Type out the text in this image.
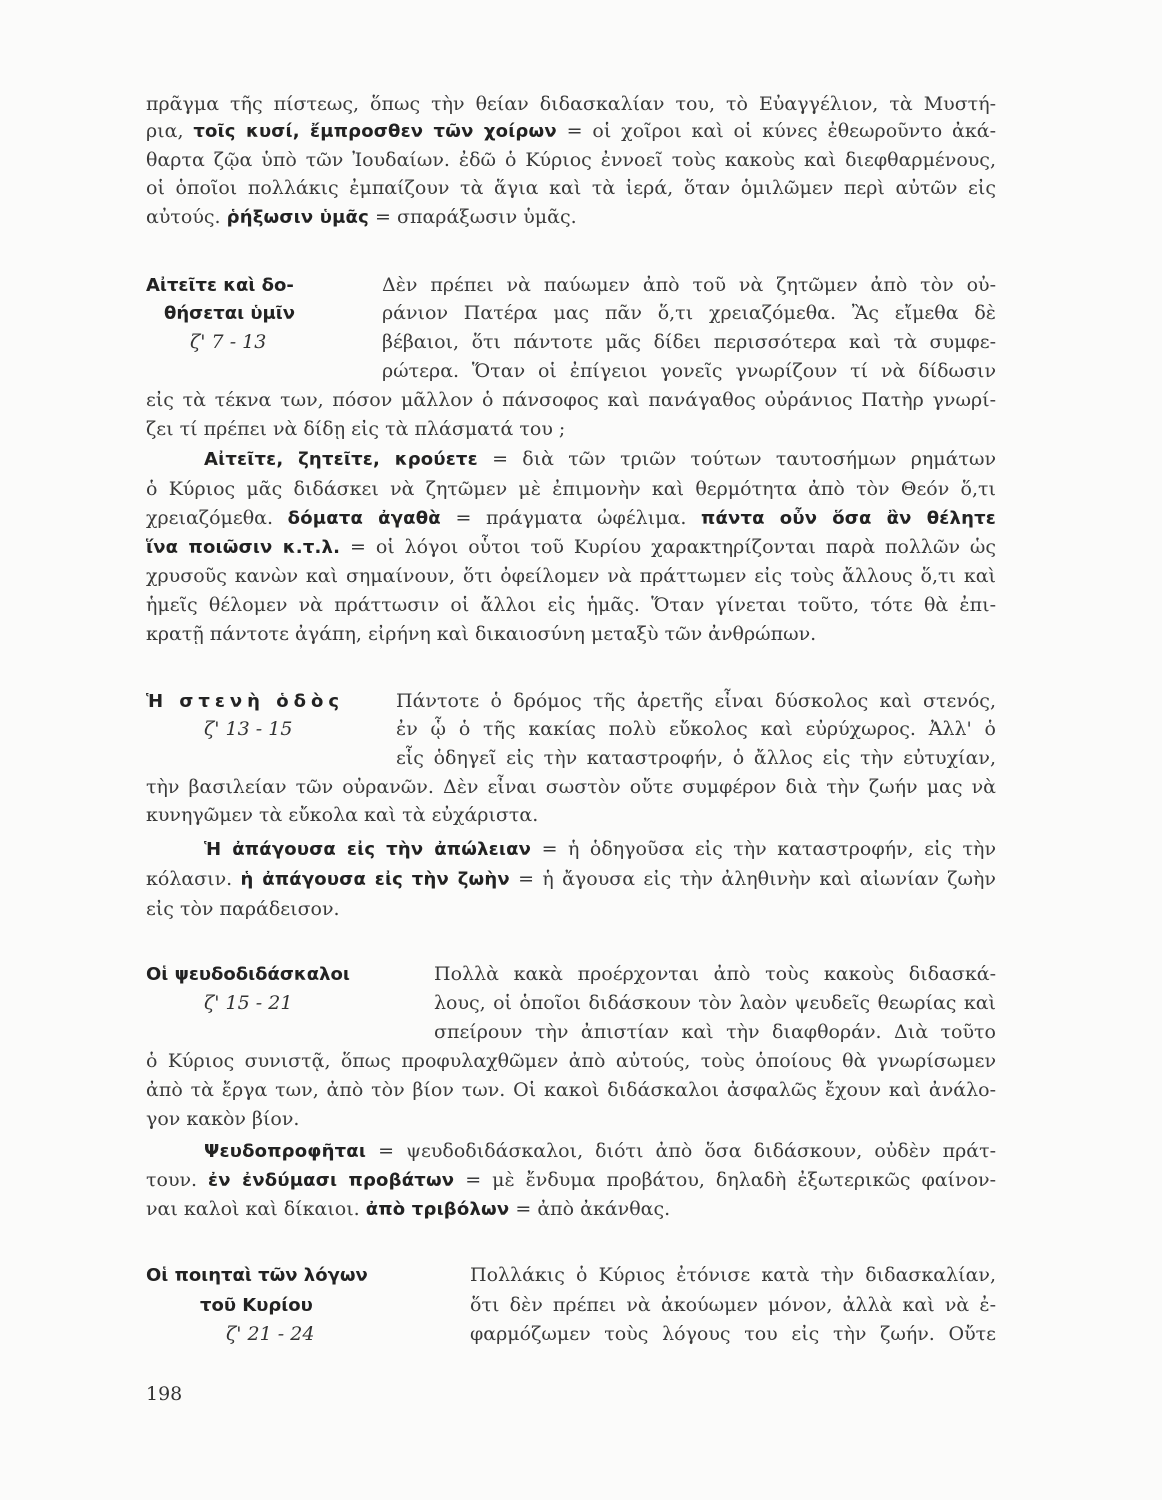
πρᾶγμα τῆς πίστεως, ὅπως τὴν θείαν διδασκαλίαν του, τὸ Εὐαγγέλιον, τὰ Μυστή-
ρια, τοῖς κυσί, ἔμπροσθεν τῶν χοίρων = οἱ χοῖροι καὶ οἱ κύνες ἐθεωροῦντο ἀκά-
θαρτα ζῷα ὑπὸ τῶν Ἰουδαίων. ἐδῶ ὁ Κύριος ἐννοεῖ τοὺς κακοὺς καὶ διεφθαρμένους,
οἱ ὁποῖοι πολλάκις ἐμπαίζουν τὰ ἅγια καὶ τὰ ἱερά, ὅταν ὁμιλῶμεν περὶ αὐτῶν εἰς
αὐτούς. ῥήξωσιν ὑμᾶς = σπαράξωσιν ὑμᾶς.
Αἰτεῖτε καὶ δο-
θήσεται ὑμῖν
ζ' 7 - 13
Δὲν πρέπει νὰ παύωμεν ἀπὸ τοῦ νὰ ζητῶμεν ἀπὸ τὸν οὐ-
ράνιον Πατέρα μας πᾶν ὅ,τι χρειαζόμεθα. Ἂς εἴμεθα δὲ
βέβαιοι, ὅτι πάντοτε μᾶς δίδει περισσότερα καὶ τὰ συμφε-
ρώτερα. Ὅταν οἱ ἐπίγειοι γονεῖς γνωρίζουν τί νὰ δίδωσιν
εἰς τὰ τέκνα των, πόσον μᾶλλον ὁ πάνσοφος καὶ πανάγαθος οὐράνιος Πατὴρ γνωρί-
ζει τί πρέπει νὰ δίδῃ εἰς τὰ πλάσματά του ;
Αἰτεῖτε, ζητεῖτε, κρούετε = διὰ τῶν τριῶν τούτων ταυτοσήμων ρημάτων
ὁ Κύριος μᾶς διδάσκει νὰ ζητῶμεν μὲ ἐπιμονὴν καὶ θερμότητα ἀπὸ τὸν Θεόν ὅ,τι
χρειαζόμεθα. δόματα ἀγαθὰ = πράγματα ὠφέλιμα. πάντα οὖν ὅσα ἂν θέλητε
ἵνα ποιῶσιν κ.τ.λ. = οἱ λόγοι οὗτοι τοῦ Κυρίου χαρακτηρίζονται παρὰ πολλῶν ὡς
χρυσοῦς κανὼν καὶ σημαίνουν, ὅτι ὀφείλομεν νὰ πράττωμεν εἰς τοὺς ἄλλους ὅ,τι καὶ
ἡμεῖς θέλομεν νὰ πράττωσιν οἱ ἄλλοι εἰς ἡμᾶς. Ὅταν γίνεται τοῦτο, τότε θὰ ἐπι-
κρατῇ πάντοτε ἀγάπη, εἰρήνη καὶ δικαιοσύνη μεταξὺ τῶν ἀνθρώπων.
Ἡ στενὴ ὁδὸς
ζ' 13 - 15
Πάντοτε ὁ δρόμος τῆς ἀρετῆς εἶναι δύσκολος καὶ στενός,
ἐν ᾧ ὁ τῆς κακίας πολὺ εὔκολος καὶ εὐρύχωρος. Ἀλλ' ὁ
εἷς ὁδηγεῖ εἰς τὴν καταστροφήν, ὁ ἄλλος εἰς τὴν εὐτυχίαν,
τὴν βασιλείαν τῶν οὐρανῶν. Δὲν εἶναι σωστὸν οὔτε συμφέρον διὰ τὴν ζωήν μας νὰ
κυνηγῶμεν τὰ εὔκολα καὶ τὰ εὐχάριστα.
Ἡ ἀπάγουσα εἰς τὴν ἀπώλειαν = ἡ ὁδηγοῦσα εἰς τὴν καταστροφήν, εἰς τὴν
κόλασιν. ἡ ἀπάγουσα εἰς τὴν ζωὴν = ἡ ἄγουσα εἰς τὴν ἀληθινὴν καὶ αἰωνίαν ζωὴν
εἰς τὸν παράδεισον.
Οἱ ψευδοδιδάσκαλοι
ζ' 15 - 21
Πολλὰ κακὰ προέρχονται ἀπὸ τοὺς κακοὺς διδασκά-
λους, οἱ ὁποῖοι διδάσκουν τὸν λαὸν ψευδεῖς θεωρίας καὶ
σπείρουν τὴν ἀπιστίαν καὶ τὴν διαφθοράν. Διὰ τοῦτο
ὁ Κύριος συνιστᾷ, ὅπως προφυλαχθῶμεν ἀπὸ αὐτούς, τοὺς ὁποίους θὰ γνωρίσωμεν
ἀπὸ τὰ ἔργα των, ἀπὸ τὸν βίον των. Οἱ κακοὶ διδάσκαλοι ἀσφαλῶς ἔχουν καὶ ἀνάλο-
γον κακὸν βίον.
Ψευδοπροφῆται = ψευδοδιδάσκαλοι, διότι ἀπὸ ὅσα διδάσκουν, οὐδὲν πράτ-
τουν. ἐν ἐνδύμασι προβάτων = μὲ ἔνδυμα προβάτου, δηλαδὴ ἐξωτερικῶς φαίνον-
ναι καλοὶ καὶ δίκαιοι. ἀπὸ τριβόλων = ἀπὸ ἀκάνθας.
Οἱ ποιηταὶ τῶν λόγων
τοῦ Κυρίου
ζ' 21 - 24
Πολλάκις ὁ Κύριος ἐτόνισε κατὰ τὴν διδασκαλίαν,
ὅτι δὲν πρέπει νὰ ἀκούωμεν μόνον, ἀλλὰ καὶ νὰ ἐ-
φαρμόζωμεν τοὺς λόγους του εἰς τὴν ζωήν. Οὔτε
198
